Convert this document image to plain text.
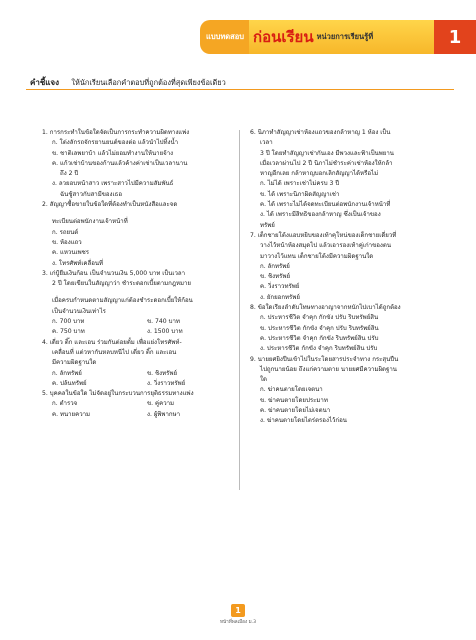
แบบทดสอบ ก่อนเรียน หน่วยการเรียนรู้ที่	1
คำชี้แจง ให้นักเรียนเลือกคำตอบที่ถูกต้องที่สุดเพียงข้อเดียว
1. การกระทำในข้อใดจัดเป็นการกระทำความผิดทางแพ่ง
ก. โด่งลักรถจักรยานยนต์ของต่อ แล้วนำไปทิ้งน้ำ
ข. ชาติเลพยาบ้า แล้วไม่ยอมทำงานให้นายจ้าง
ค. แก้วเช่าบ้านของก้านแล้วค้างค่าเช่าเป็นเวลานาน
ถึง 2 ปี
ง. ลวยอบหน้าสาว เพราะสาวไปมีความสัมพันธ์
ฉันชู้สาวกับสามีของเธอ
2. สัญญาซื้อขายในข้อใดที่ต้องทำเป็นหนังสือและจด
ทะเบียนต่อพนักงานเจ้าหน้าที่
ก. รถยนต์
ข. ห้องแถว
ค. แหวนเพชร
ง. โทรศัพท์เคลื่อนที่
3. เก่ปู้ยืมเงินก้อน เป็นจำนวนเงิน 5,000 บาท เป็นเวลา
2 ปี โดยเขียนในสัญญาว่า ชำระดอกเบี้ยตามกฎหมาย
เมื่อครบกำหนดตามสัญญาแก่ต้องชำระดอกเบี้ยให้ก้อน
เป็นจำนวนเงินเท่าไร
ก. 700 บาท	ข. 740 บาท
ค. 750 บาท	ง. 1500 บาท
4. เดี่ยว ติ๊ก และเอน ร่วมกันต่อยตั้ม เพื่อแย่งโทรศัพท์-
เคลื่อนที่ แต่วหากันหลบหนีไป เดี่ยว ติ๊ก และเอน
มีความผิดฐานใด
ก. ลักทรัพย์	ข. ชิงทรัพย์
ค. ปล้นทรัพย์	ง. วิ่งราวทรัพย์
5. บุคคลในข้อใด ไม่จัดอยู่ในกระบวนการยุติธรรมทางแพ่ง
ก. ตำรวจ	ข. คู่ความ
ค. ทนายความ	ง. ผู้พิพากษา
6. นิภาทำสัญญาเช่าห้องแถวของกล้าหาญ 1 ห้อง เป็น
เวลา
3 ปี โดยทำสัญญาเช่ากันเอง มีพวงและฟ้าเป็นพยาน
เมื่อเวลาผ่านไป 2 ปี นิภาไม่ชำระค่าเช่าห้องให้กล้า
หาญอีกเลย กล้าหาญบอกเลิกสัญญาได้หรือไม่
ก. ไม่ได้ เพราะเช่าไม่ครบ 3 ปี
ข. ได้ เพราะนิภาผิดสัญญาเช่า
ค. ได้ เพราะไม่ได้จดทะเบียนต่อพนักงานเจ้าหน้าที่
ง. ได้ เพราะมีสิทธิของกล้าหาญ ซึ่งเป็นเจ้าของ
ทรัพย์
7. เด็กชายโต้งแอบหยิบของเท้าคุโหน่ของเด็กชายเดี่ยวที่
วางไว้หน้าห้องสมุดไป แล้วเอารองเท้าคู่เก่าของตน
มาวางไว้แทน เด็กชายโต้งมีความผิดฐานใด
ก. ลักทรัพย์
ข. ชิงทรัพย์
ค. วิ่งราวทรัพย์
ง. ยักยอกทรัพย์
8. ข้อใดเรียงลำดับโทษทางอาญาจากหนักไปเบาได้ถูกต้อง
ก. ประหารชีวิต จำคุก กักขัง ปรับ ริบทรัพย์สิน
ข. ประหารชีวิต กักขัง จำคุก ปรับ ริบทรัพย์สิน
ค. ประหารชีวิต จำคุก กักขัง ริบทรัพย์สิน ปรับ
ง. ประหารชีวิต กักขัง จำคุก ริบทรัพย์สิน ปรับ
9. นายยศยิงปืนเข้าไปในระโดยสารประจำทาง กระสุนปืน
ไปถูกนายน้อย ถึงแก่ความตาย นายยศมีความผิดฐาน
ใด
ก. ฆ่าคนตายโดยเจตนา
ข. ฆ่าคนตายโดยประมาท
ค. ฆ่าคนตายโดยไม่เจตนา
ง. ฆ่าคนตายโดยไตร่ตรองไว้ก่อน
1
หน้าที่พลเมือง ม.3
